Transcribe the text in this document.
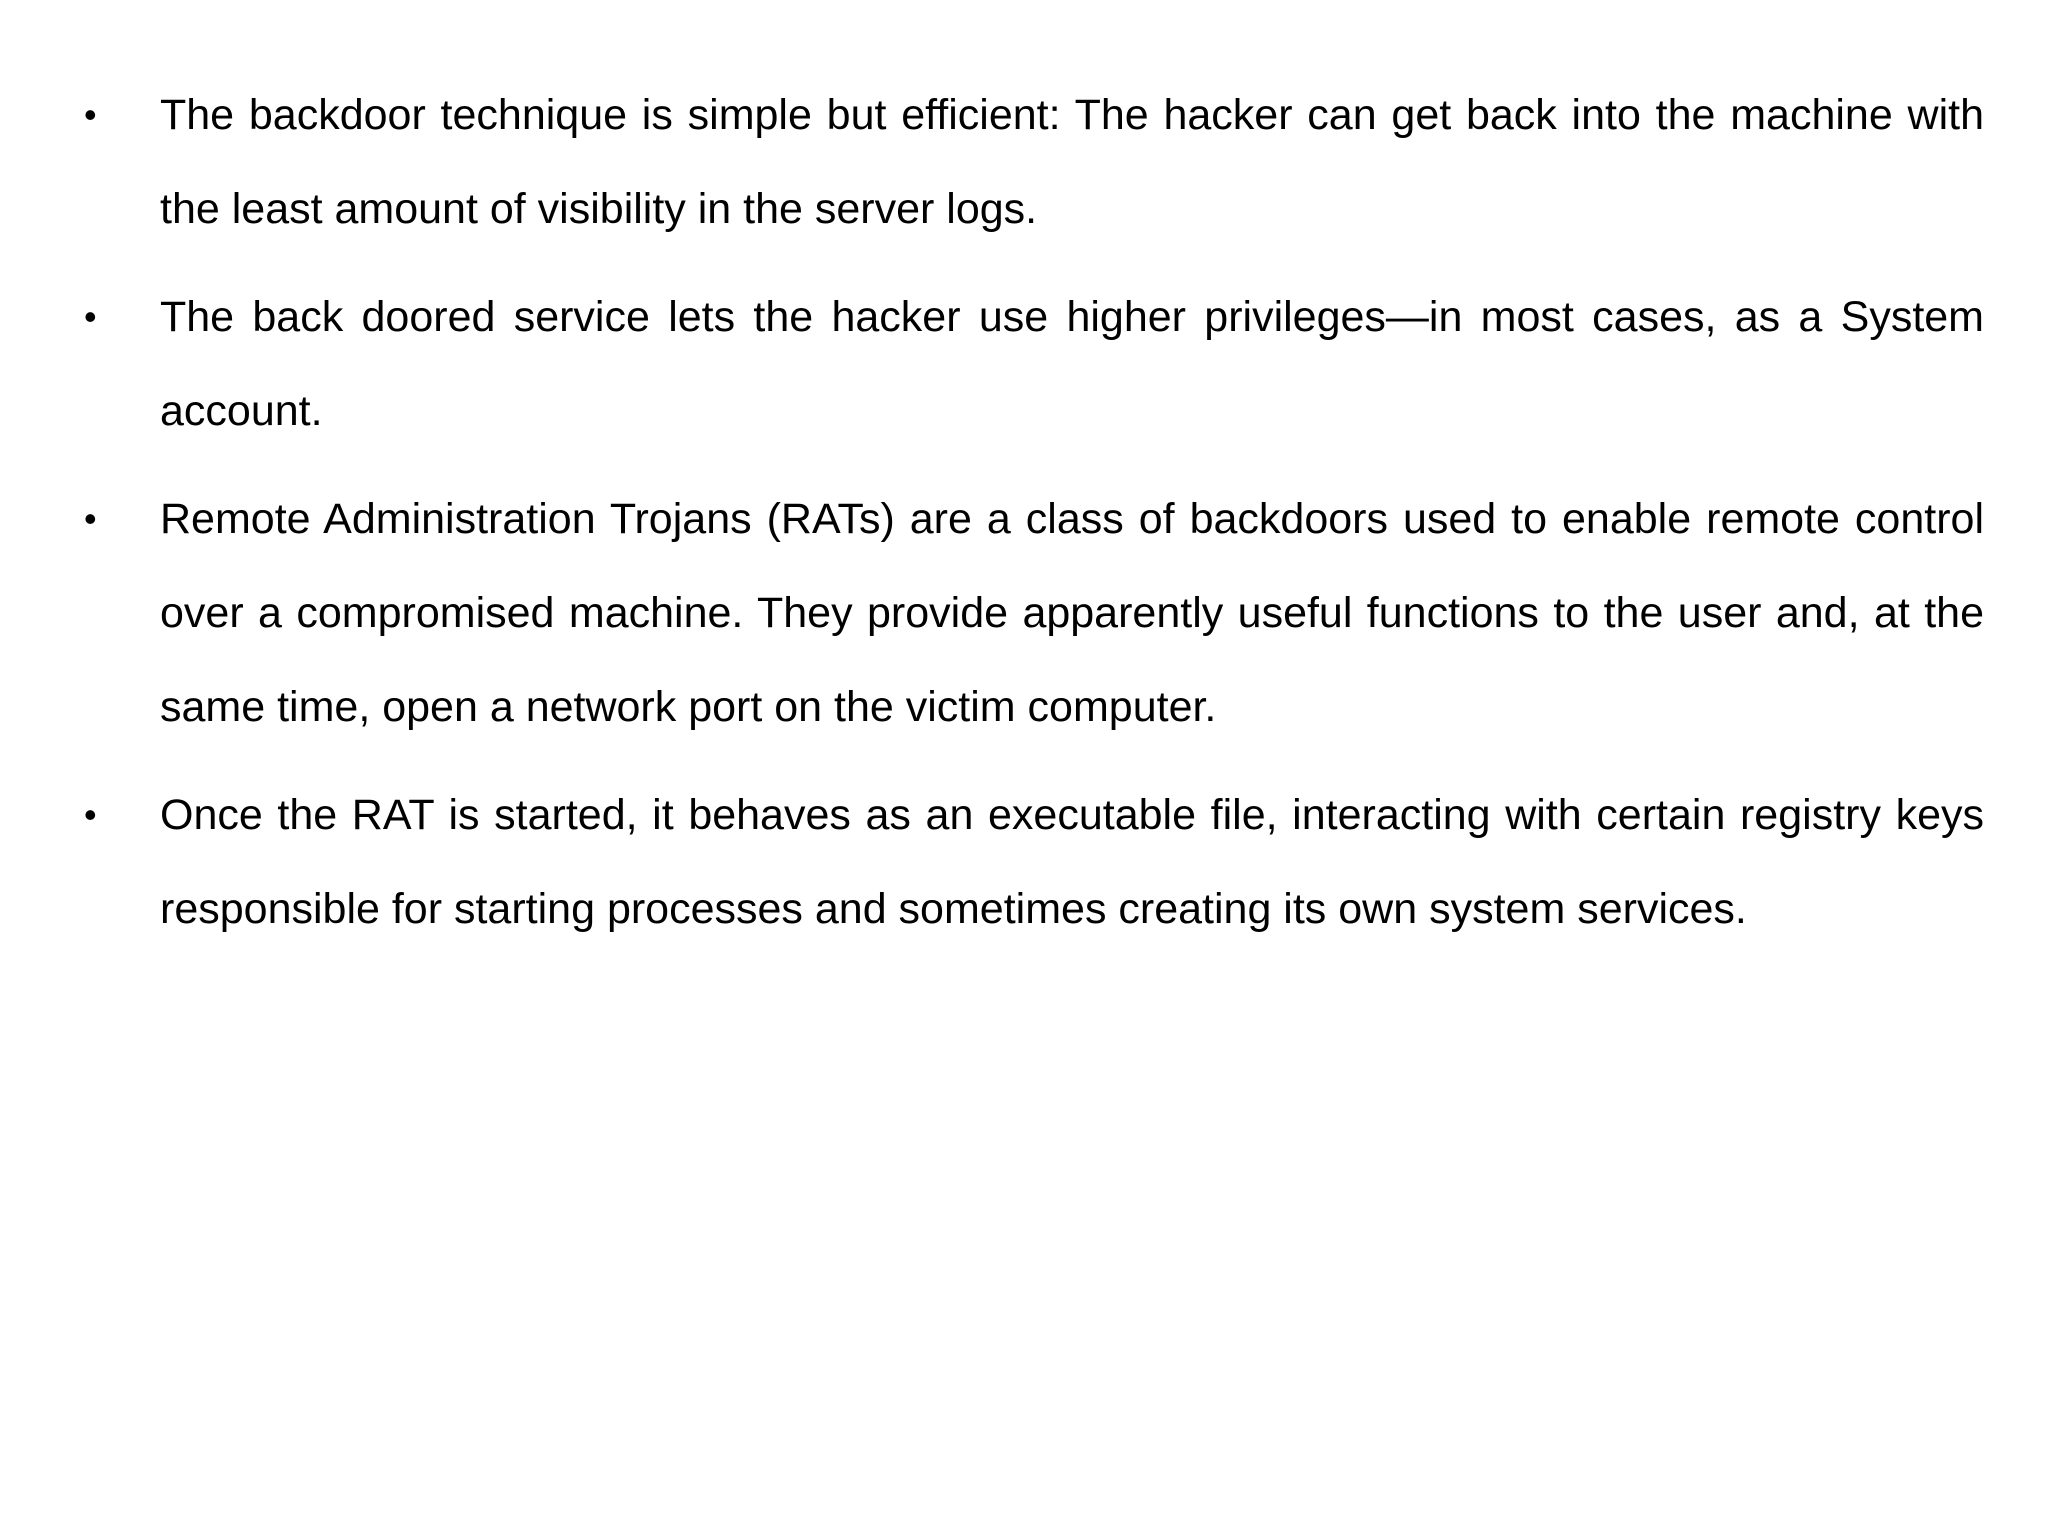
•	The backdoor technique is simple but efficient: The hacker can get back into the machine with the least amount of visibility in the server logs.
•	The back doored service lets the hacker use higher privileges—in most cases, as a System account.
•	Remote Administration Trojans (RATs) are a class of backdoors used to enable remote control over a compromised machine. They provide apparently useful functions to the user and, at the same time, open a network port on the victim computer.
•	Once the RAT is started, it behaves as an executable file, interacting with certain registry keys responsible for starting processes and sometimes creating its own system services.
